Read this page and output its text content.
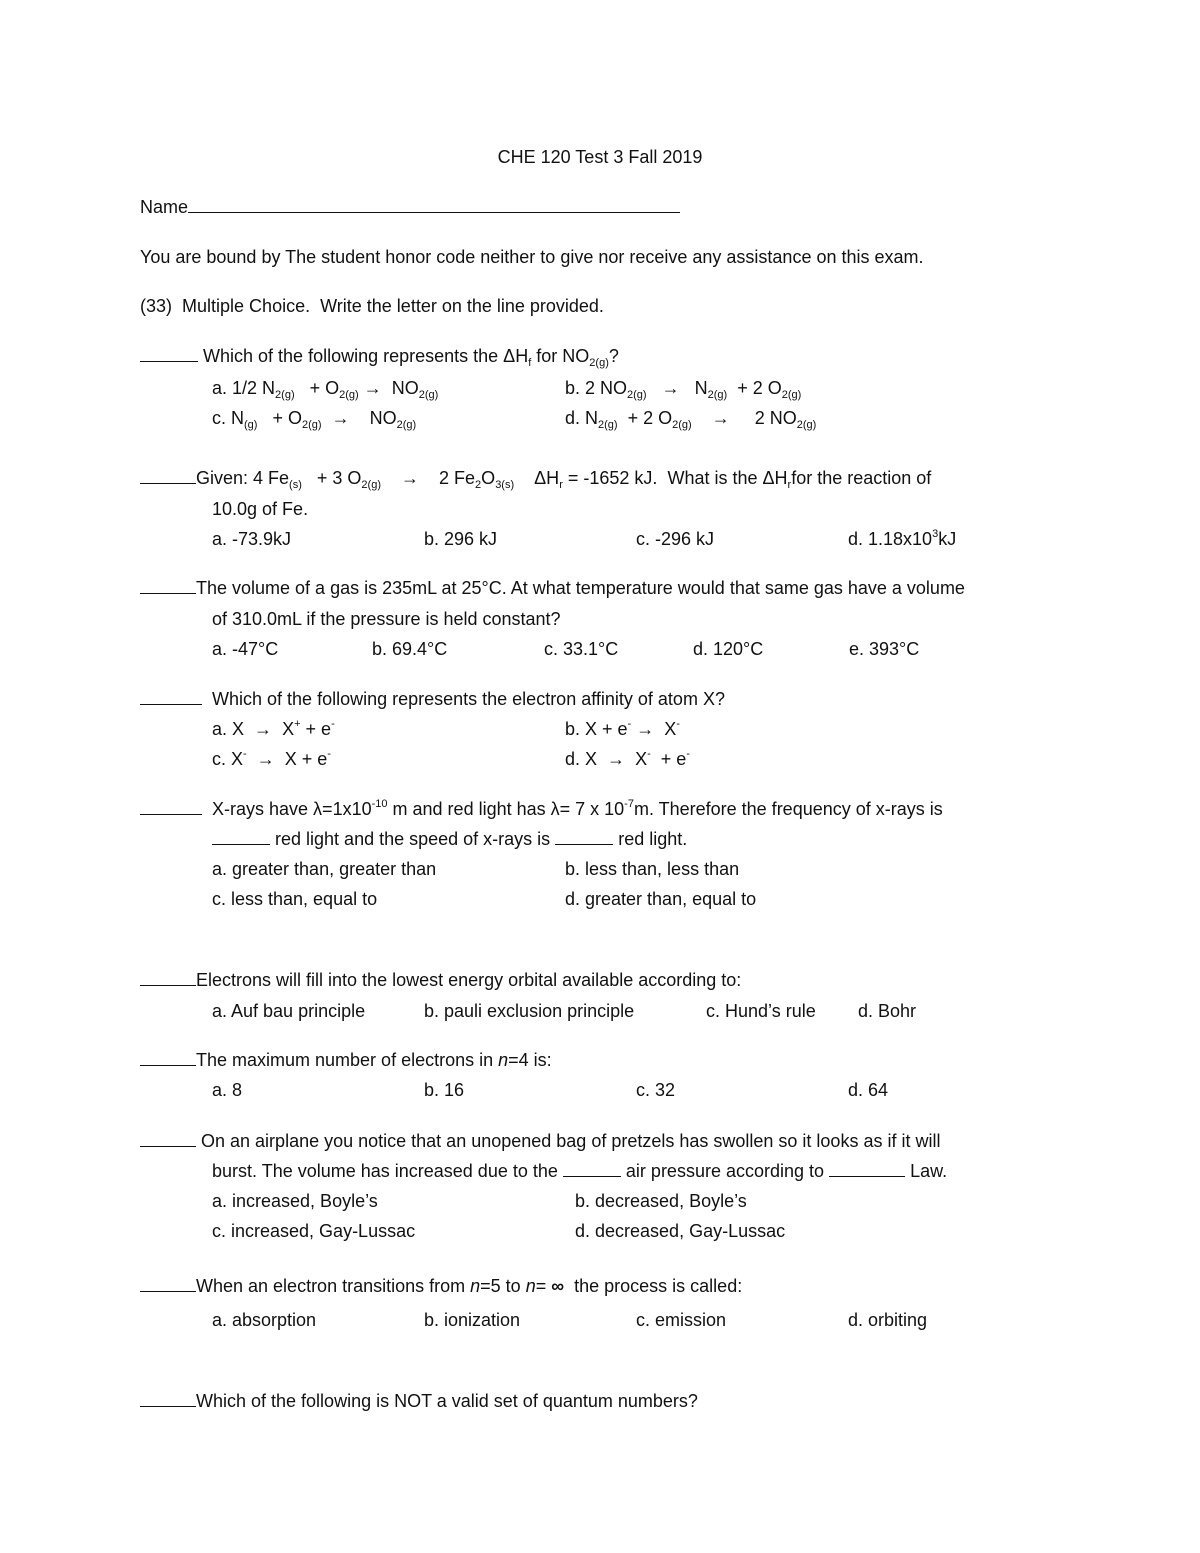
CHE 120 Test 3 Fall 2019
Name
You are bound by The student honor code neither to give nor receive any assistance on this exam.
(33) Multiple Choice. Write the letter on the line provided.
Which of the following represents the $\Delta H_f$ for $NO_{2(g)}$?
a. 1/2 $N_{2(g)} + O_{2(g)} \to NO_{2(g)}$	b. 2 $NO_{2(g)} \to N_{2(g)} + 2$ $O_{2(g)}$
c. $N_{(g)} + O_{2(g)} \to NO_{2(g)}$	d. $N_{2(g)} + 2$ $O_{2(g)} \to 2$ $NO_{2(g)}$
Given: 4 $Fe_{(s)} + 3$ $O_{2(g)} \to 2$ $Fe_2O_{3(s)}$ $\Delta H_r = -1652$ kJ. What is the $\Delta H_rfor$ the reaction of
10.0g of Fe.
a. -73.9kJ	b. 296 kJ	c. -296 kJ	d. $1.18x10^3kJ$
The volume of a gas is 235mL at 25°C. At what temperature would that same gas have a volume
of 310.0mL if the pressure is held constant?
a. -47°C	b. 69.4°C	c. 33.1°C	d. 120°C	e. 393°C
Which of the following represents the electron affinity of atom X?
a. X → X+ + e-	b. X + e- → X-
c. X- → X + e-	d. X → X- + e-
X-rays have $\lambda=1x10^{-10}$ m and red light has λ= 7 x $10^{-7}m$. Therefore the frequency of x-rays is
red light and the speed of x-rays is	red light.
a. greater than, greater than	b. less than, less than
c. less than, equal to	d. greater than, equal to
Electrons will fill into the lowest energy orbital available according to:
a. Auf bau principle	b. pauli exclusion principle	c. Hund’s rule d. Bohr
The maximum number of electrons in n=4 is:
a. 8	b. 16	c. 32	d. 64
On an airplane you notice that an unopened bag of pretzels has swollen so it looks as if it will
burst. The volume has increased due to the	air pressure according to	Law.
a. increased, Boyle’s	b. decreased, Boyle’s
c. increased, Gay-Lussac	d. decreased, Gay-Lussac
When an electron transitions from n=5 to n= ∞ the process is called:
a. absorption	b. ionization	c. emission	d. orbiting
Which of the following is NOT a valid set of quantum numbers?
